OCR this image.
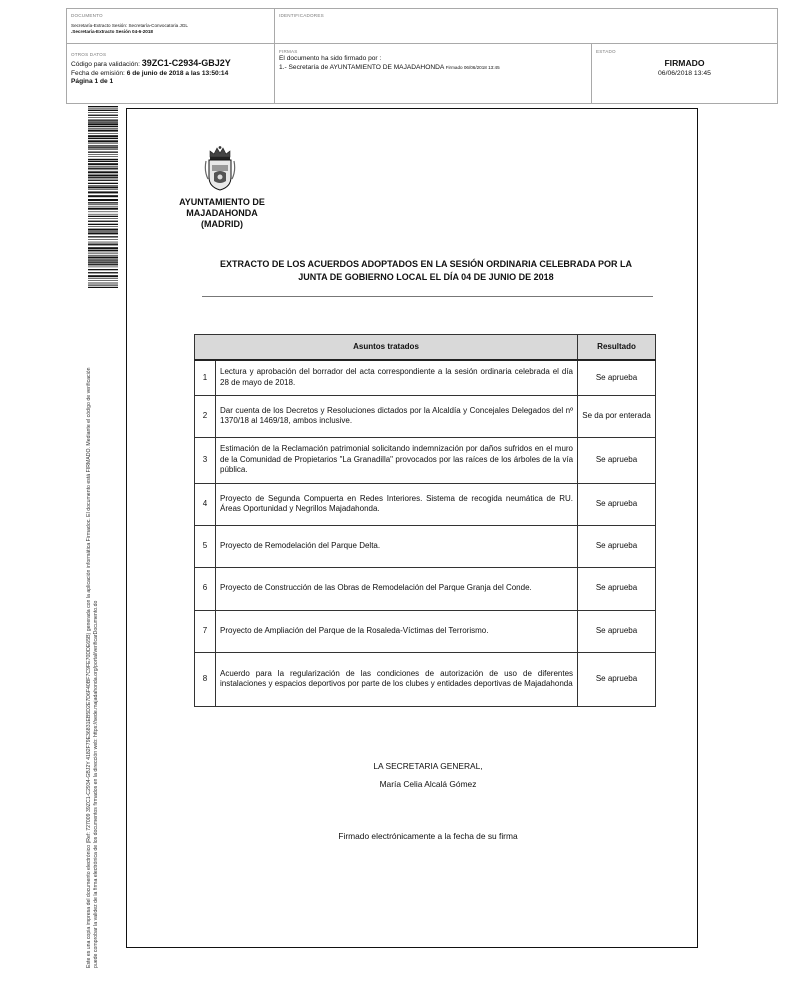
DOCUMENTO
Secretaría-Extracto Sesión: Secretaría-Convocatoria JGL
.Secretaria-Extracto Sesión 04-6-2018
IDENTIFICADORES
OTROS DATOS
Código para validación: 39ZC1-C2934-GBJ2Y
Fecha de emisión: 6 de junio de 2018 a las 13:50:14
Página 1 de 1
FIRMAS
El documento ha sido firmado por :
1.- Secretaría de AYUNTAMIENTO DE MAJADAHONDA Firmado 06/06/2018 13:45
ESTADO
FIRMADO
06/06/2018 13:45
Este es una copia impresa del documento electrónico (Ref: 727009 39ZC1-C2934-GBJ2Y 4182F79E36831EB5D2E7D6F40BF7C9FE70DDE65B) generada con la aplicación informática Firmadoc. El documento está FIRMADO. Mediante el código de verificación puede comprobar la validez de la firma electrónica de los documentos firmados en la dirección web: https://sede.majadahonda.org/portal/verificarDocumento.do
AYUNTAMIENTO DE
MAJADAHONDA
(MADRID)
EXTRACTO DE LOS ACUERDOS ADOPTADOS EN LA SESIÓN ORDINARIA CELEBRADA POR LA
JUNTA DE GOBIERNO LOCAL EL DÍA 04 DE JUNIO DE 2018
Asuntos tratados		Resultado
1	Lectura y aprobación del borrador del acta correspondiente a la sesión ordinaria celebrada el día 28 de mayo de 2018.	Se aprueba
2	Dar cuenta de los Decretos y Resoluciones dictados por la Alcaldía y Concejales Delegados del nº 1370/18 al 1469/18, ambos inclusive.	Se da por enterada
3	Estimación de la Reclamación patrimonial solicitando indemnización por daños sufridos en el muro de la Comunidad de Propietarios "La Granadilla" provocados por las raíces de los árboles de la vía pública.	Se aprueba
4	Proyecto de Segunda Compuerta en Redes Interiores. Sistema de recogida neumática de RU. Áreas Oportunidad y Negrillos Majadahonda.	Se aprueba
5	Proyecto de Remodelación del Parque Delta.	Se aprueba
6	Proyecto de Construcción de las Obras de Remodelación del Parque Granja del Conde.	Se aprueba
7	Proyecto de Ampliación del Parque de la Rosaleda-Víctimas del Terrorismo.	Se aprueba
8	Acuerdo para la regularización de las condiciones de autorización de uso de diferentes instalaciones y espacios deportivos por parte de los clubes y entidades deportivas de Majadahonda	Se aprueba
LA SECRETARIA GENERAL,
María Celia Alcalá Gómez
Firmado electrónicamente a la fecha de su firma
